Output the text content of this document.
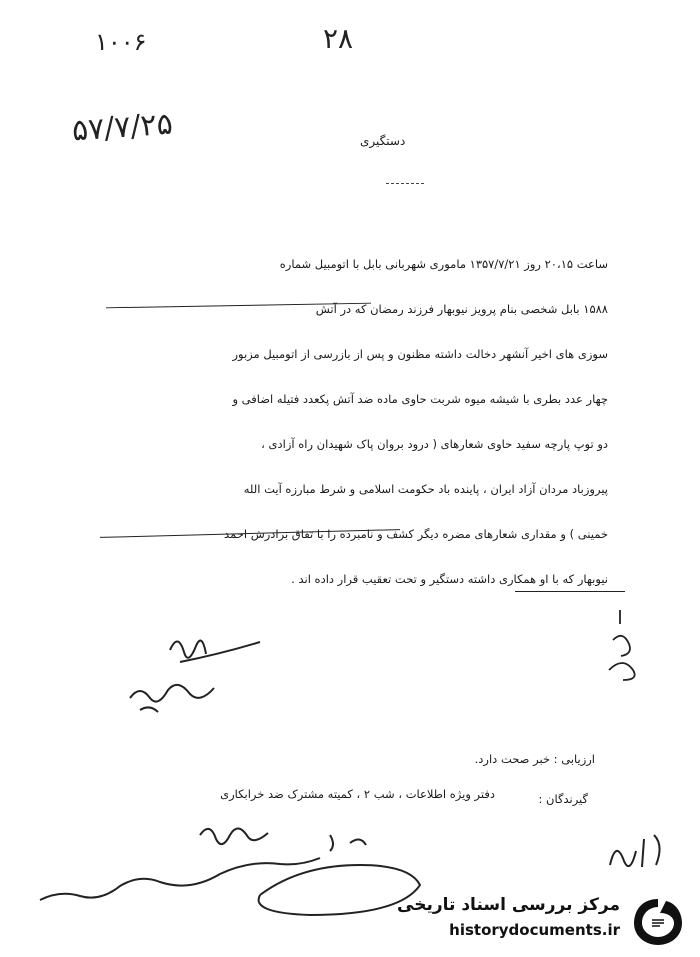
۱۰۰۶	۲۸
۵۷/۷/۲۵	دستگیری
ساعت ۲۰،۱۵ روز ۱۳۵۷/۷/۲۱ ماموری شهربانی بابل با اتومبیل شماره
۱۵۸۸ بابل شخصی بنام پرویز نیوبهار فرزند رمضان که در آتش
سوزی های اخیر آنشهر دخالت داشته مظنون و پس از بازرسی از اتومبیل مزبور
چهار عدد بطری با شیشه میوه شربت حاوی ماده ضد آتش پکعدد فتیله اضافی و
دو توپ پارچه سفید حاوی شعارهای ( درود بروان پاک شهیدان راه آزادی ،
پیروزباد مردان آزاد ایران ، پاینده باد حکومت اسلامی و شرط مبارزه آیت الله
خمینی ) و مقداری شعارهای مضره دیگر کشف و نامبرده را با تفاق برادرش احمد
نیوبهار که با او همکاری داشته دستگیر و تحت تعقیب قرار داده اند .
ارزیابی : خبر صحت دارد.
گیرندگان :
دفتر ویژه اطلاعات ، شب ۲ ، کمیته مشترک ضد خرابکاری
مرکز بررسی اسناد تاریخی
historydocuments.ir
